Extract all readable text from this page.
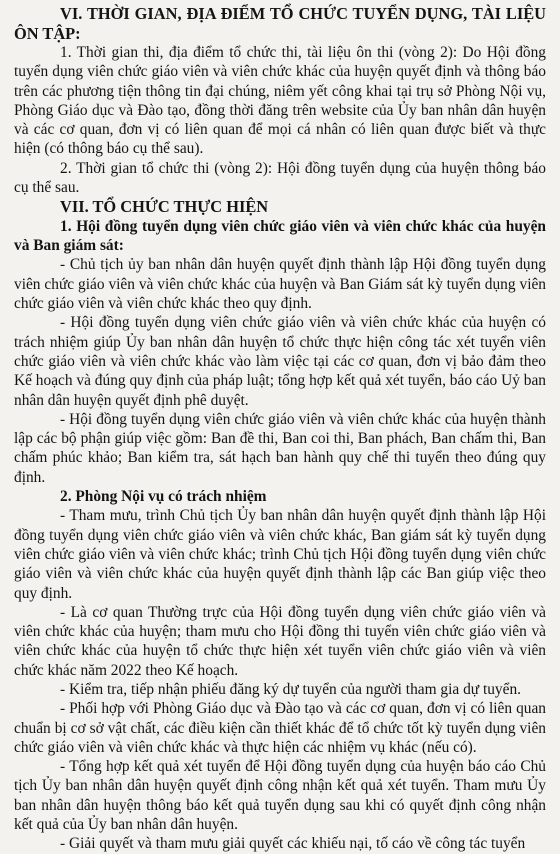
VI. THỜI GIAN, ĐỊA ĐIỂM TỔ CHỨC TUYỂN DỤNG, TÀI LIỆU ÔN TẬP:

1. Thời gian thi, địa điểm tổ chức thi, tài liệu ôn thi (vòng 2): Do Hội đồng tuyển dụng viên chức giáo viên và viên chức khác của huyện quyết định và thông báo trên các phương tiện thông tin đại chúng, niêm yết công khai tại trụ sở Phòng Nội vụ, Phòng Giáo dục và Đào tạo, đồng thời đăng trên website của Ủy ban nhân dân huyện và các cơ quan, đơn vị có liên quan để mọi cá nhân có liên quan được biết và thực hiện (có thông báo cụ thể sau).

2. Thời gian tổ chức thi (vòng 2): Hội đồng tuyển dụng của huyện thông báo cụ thể sau.

VII. TỔ CHỨC THỰC HIỆN

1. Hội đồng tuyển dụng viên chức giáo viên và viên chức khác của huyện và Ban giám sát:

- Chủ tịch ủy ban nhân dân huyện quyết định thành lập Hội đồng tuyển dụng viên chức giáo viên và viên chức khác của huyện và Ban Giám sát kỳ tuyển dụng viên chức giáo viên và viên chức khác theo quy định.

- Hội đồng tuyển dụng viên chức giáo viên và viên chức khác của huyện có trách nhiệm giúp Ủy ban nhân dân huyện tổ chức thực hiện công tác xét tuyển viên chức giáo viên và viên chức khác vào làm việc tại các cơ quan, đơn vị bảo đảm theo Kế hoạch và đúng quy định của pháp luật; tổng hợp kết quả xét tuyển, báo cáo Uỷ ban nhân dân huyện quyết định phê duyệt.

- Hội đồng tuyển dụng viên chức giáo viên và viên chức khác của huyện thành lập các bộ phận giúp việc gồm: Ban đề thi, Ban coi thi, Ban phách, Ban chấm thi, Ban chấm phúc khảo; Ban kiểm tra, sát hạch ban hành quy chế thi tuyển theo đúng quy định.

2. Phòng Nội vụ có trách nhiệm

- Tham mưu, trình Chủ tịch Ủy ban nhân dân huyện quyết định thành lập Hội đồng tuyển dụng viên chức giáo viên và viên chức khác, Ban giám sát kỳ tuyển dụng viên chức giáo viên và viên chức khác; trình Chủ tịch Hội đồng tuyển dụng viên chức giáo viên và viên chức khác của huyện quyết định thành lập các Ban giúp việc theo quy định.

- Là cơ quan Thường trực của Hội đồng tuyển dụng viên chức giáo viên và viên chức khác của huyện; tham mưu cho Hội đồng thi tuyển viên chức giáo viên và viên chức khác của huyện tổ chức thực hiện xét tuyển viên chức giáo viên và viên chức khác năm 2022 theo Kế hoạch.

- Kiểm tra, tiếp nhận phiếu đăng ký dự tuyển của người tham gia dự tuyển.

- Phối hợp với Phòng Giáo dục và Đào tạo và các cơ quan, đơn vị có liên quan chuẩn bị cơ sở vật chất, các điều kiện cần thiết khác để tổ chức tốt kỳ tuyển dụng viên chức giáo viên và viên chức khác và thực hiện các nhiệm vụ khác (nếu có).

- Tổng hợp kết quả xét tuyển để Hội đồng tuyển dụng của huyện báo cáo Chủ tịch Ủy ban nhân dân huyện quyết định công nhận kết quả xét tuyển. Tham mưu Ủy ban nhân dân huyện thông báo kết quả tuyển dụng sau khi có quyết định công nhận kết quả của Ủy ban nhân dân huyện.

- Giải quyết và tham mưu giải quyết các khiếu nại, tố cáo về công tác tuyển
